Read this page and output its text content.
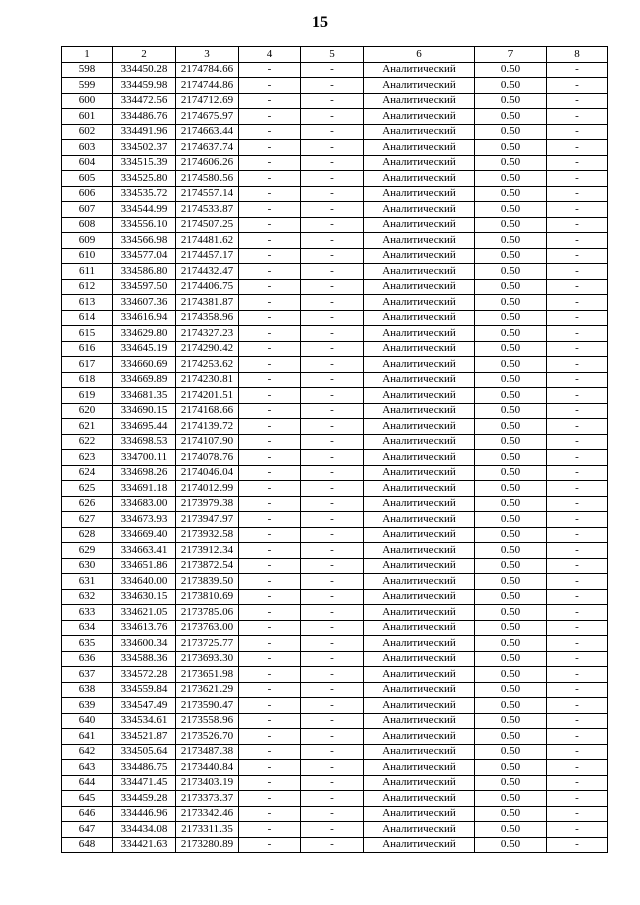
15
1	2	3	4	5	6	7	8
598	334450.28	2174784.66	-	-	Аналитический	0.50	-
599	334459.98	2174744.86	-	-	Аналитический	0.50	-
600	334472.56	2174712.69	-	-	Аналитический	0.50	-
601	334486.76	2174675.97	-	-	Аналитический	0.50	-
602	334491.96	2174663.44	-	-	Аналитический	0.50	-
603	334502.37	2174637.74	-	-	Аналитический	0.50	-
604	334515.39	2174606.26	-	-	Аналитический	0.50	-
605	334525.80	2174580.56	-	-	Аналитический	0.50	-
606	334535.72	2174557.14	-	-	Аналитический	0.50	-
607	334544.99	2174533.87	-	-	Аналитический	0.50	-
608	334556.10	2174507.25	-	-	Аналитический	0.50	-
609	334566.98	2174481.62	-	-	Аналитический	0.50	-
610	334577.04	2174457.17	-	-	Аналитический	0.50	-
611	334586.80	2174432.47	-	-	Аналитический	0.50	-
612	334597.50	2174406.75	-	-	Аналитический	0.50	-
613	334607.36	2174381.87	-	-	Аналитический	0.50	-
614	334616.94	2174358.96	-	-	Аналитический	0.50	-
615	334629.80	2174327.23	-	-	Аналитический	0.50	-
616	334645.19	2174290.42	-	-	Аналитический	0.50	-
617	334660.69	2174253.62	-	-	Аналитический	0.50	-
618	334669.89	2174230.81	-	-	Аналитический	0.50	-
619	334681.35	2174201.51	-	-	Аналитический	0.50	-
620	334690.15	2174168.66	-	-	Аналитический	0.50	-
621	334695.44	2174139.72	-	-	Аналитический	0.50	-
622	334698.53	2174107.90	-	-	Аналитический	0.50	-
623	334700.11	2174078.76	-	-	Аналитический	0.50	-
624	334698.26	2174046.04	-	-	Аналитический	0.50	-
625	334691.18	2174012.99	-	-	Аналитический	0.50	-
626	334683.00	2173979.38	-	-	Аналитический	0.50	-
627	334673.93	2173947.97	-	-	Аналитический	0.50	-
628	334669.40	2173932.58	-	-	Аналитический	0.50	-
629	334663.41	2173912.34	-	-	Аналитический	0.50	-
630	334651.86	2173872.54	-	-	Аналитический	0.50	-
631	334640.00	2173839.50	-	-	Аналитический	0.50	-
632	334630.15	2173810.69	-	-	Аналитический	0.50	-
633	334621.05	2173785.06	-	-	Аналитический	0.50	-
634	334613.76	2173763.00	-	-	Аналитический	0.50	-
635	334600.34	2173725.77	-	-	Аналитический	0.50	-
636	334588.36	2173693.30	-	-	Аналитический	0.50	-
637	334572.28	2173651.98	-	-	Аналитический	0.50	-
638	334559.84	2173621.29	-	-	Аналитический	0.50	-
639	334547.49	2173590.47	-	-	Аналитический	0.50	-
640	334534.61	2173558.96	-	-	Аналитический	0.50	-
641	334521.87	2173526.70	-	-	Аналитический	0.50	-
642	334505.64	2173487.38	-	-	Аналитический	0.50	-
643	334486.75	2173440.84	-	-	Аналитический	0.50	-
644	334471.45	2173403.19	-	-	Аналитический	0.50	-
645	334459.28	2173373.37	-	-	Аналитический	0.50	-
646	334446.96	2173342.46	-	-	Аналитический	0.50	-
647	334434.08	2173311.35	-	-	Аналитический	0.50	-
648	334421.63	2173280.89	-	-	Аналитический	0.50	-
